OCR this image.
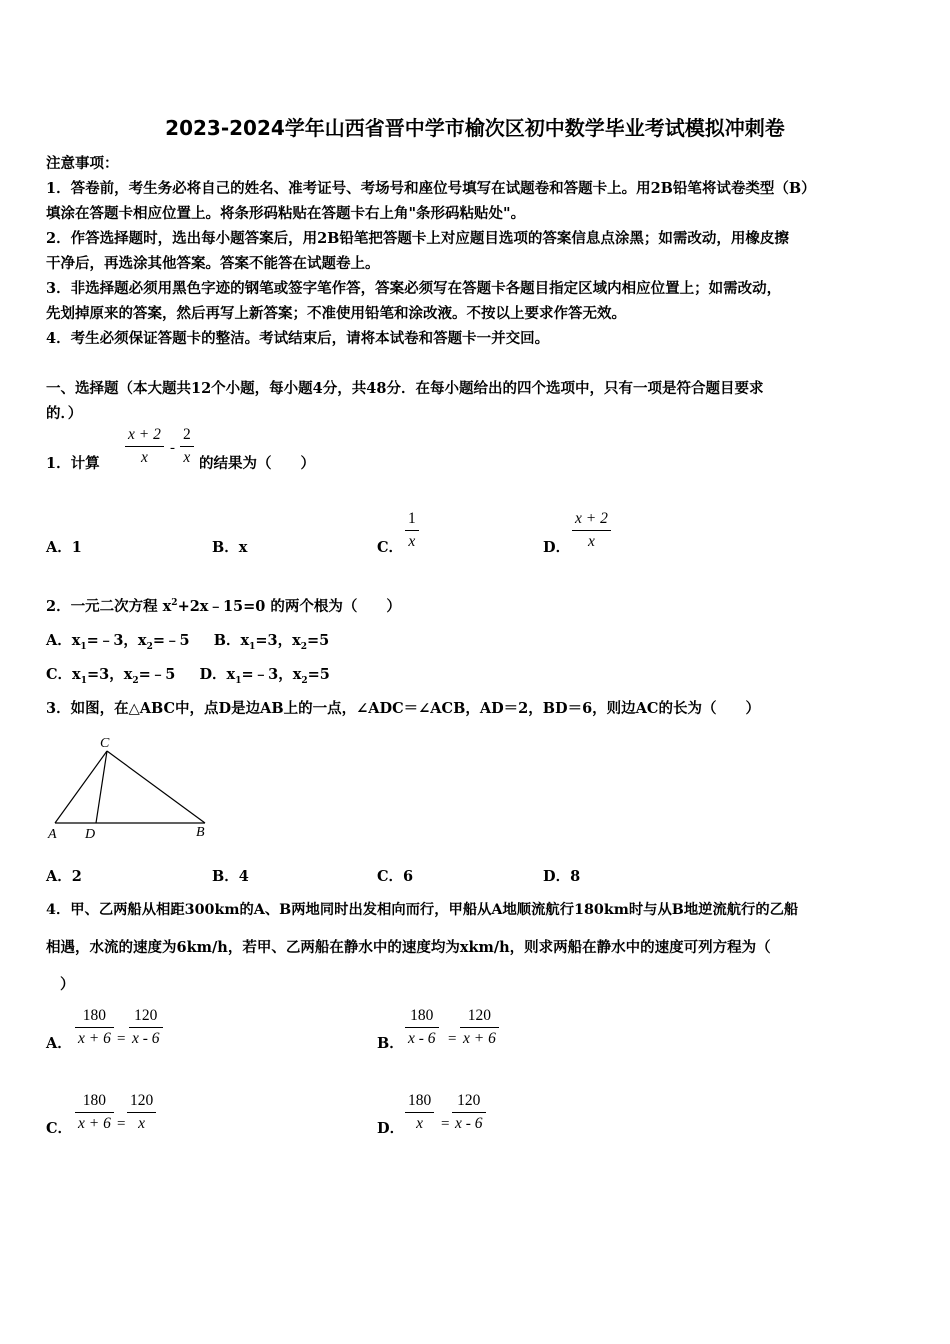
2023-2024学年山西省晋中学市榆次区初中数学毕业考试模拟冲刺卷
注意事项：
1．答卷前，考生务必将自己的姓名、准考证号、考场号和座位号填写在试题卷和答题卡上。用2B铅笔将试卷类型（B）
填涂在答题卡相应位置上。将条形码粘贴在答题卡右上角"条形码粘贴处"。
2．作答选择题时，选出每小题答案后，用2B铅笔把答题卡上对应题目选项的答案信息点涂黑；如需改动，用橡皮擦
干净后，再选涂其他答案。答案不能答在试题卷上。
3．非选择题必须用黑色字迹的钢笔或签字笔作答，答案必须写在答题卡各题目指定区域内相应位置上；如需改动，
先划掉原来的答案，然后再写上新答案；不准使用铅笔和涂改液。不按以上要求作答无效。
4．考生必须保证答题卡的整洁。考试结束后，请将本试卷和答题卡一并交回。
一、选择题（本大题共12个小题，每小题4分，共48分．在每小题给出的四个选项中，只有一项是符合题目要求
的．）
1．计算 $\frac{x + 2}{x} - \frac{2}{x}$ 的结果为（　　）
A．1	B．x	C． $\frac{1}{x}$	D． $\frac{x + 2}{x}$
2．一元二次方程 $x^2+2x﹣15=0$ 的两个根为（　　）
A．$x_1=﹣3$，$x_2=﹣5$ B．$x_1=3$，$x_2=5$
C．$x_1=3$，$x_2=﹣5$ D．$x_1=﹣3$，$x_2=5$
3．如图，在△ABC中，点D是边AB上的一点，∠ADC＝∠ACB，AD＝2，BD＝6，则边AC的长为（　　）
A D	B
C
A．2	B．4	C．6	D．8
4．甲、乙两船从相距300km的A、B两地同时出发相向而行，甲船从A地顺流航行180km时与从B地逆流航行的乙船
相遇，水流的速度为6km/h，若甲、乙两船在静水中的速度均为xkm/h，则求两船在静水中的速度可列方程为（
）
A． $\frac{180}{x + 6} = \frac{120}{x - 6}$	B． $\frac{180}{x - 6} = \frac{120}{x + 6}$
C． $\frac{180}{x + 6} = \frac{120}{x}$	D． $\frac{180}{x} = \frac{120}{x - 6}$
